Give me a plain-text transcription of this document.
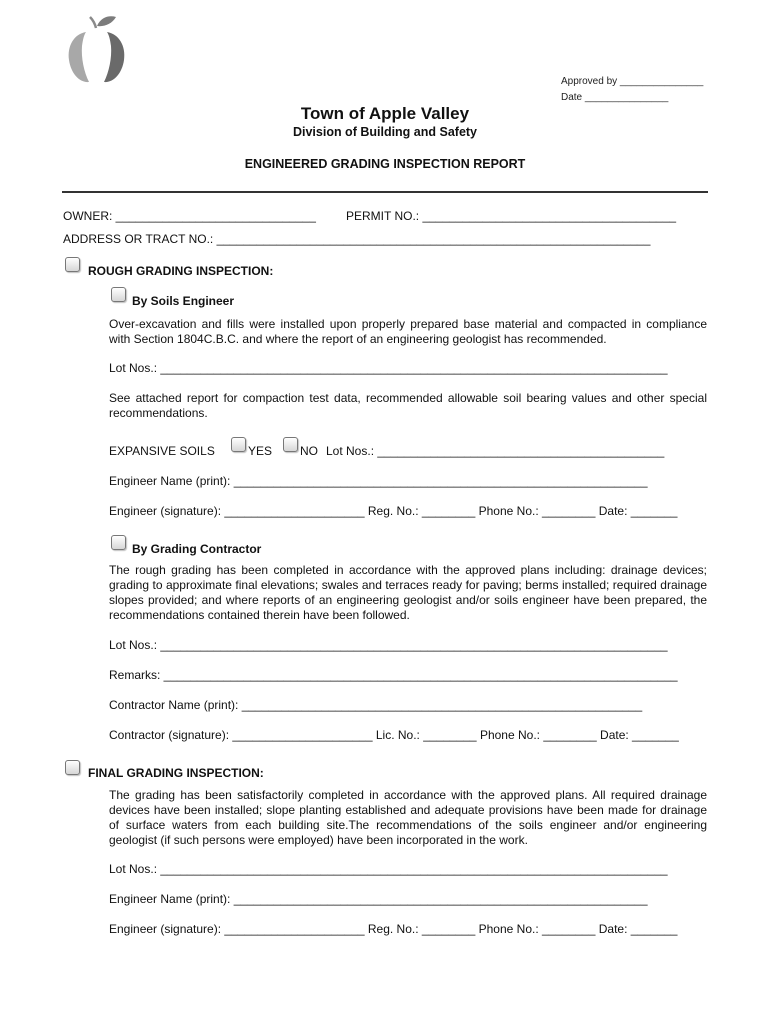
Approved by _______________
Date _______________
Town of Apple Valley
Division of Building and Safety
ENGINEERED GRADING INSPECTION REPORT
OWNER: ______________________________	PERMIT NO.: ______________________________________
ADDRESS OR TRACT NO.: _________________________________________________________________
ROUGH GRADING INSPECTION:
By Soils Engineer
Over-excavation and fills were installed upon properly prepared base material and compacted in compliance with Section 1804C.B.C. and where the report of an engineering geologist has recommended.
Lot Nos.: ____________________________________________________________________________
See attached report for compaction test data, recommended allowable soil bearing values and other special recommendations.
EXPANSIVE SOILS	YES NO Lot Nos.: ___________________________________________
Engineer Name (print): ______________________________________________________________
Engineer (signature): _____________________ Reg. No.: ________ Phone No.: ________ Date: _______
By Grading Contractor
The rough grading has been completed in accordance with the approved plans including: drainage devices; grading to approximate final elevations; swales and terraces ready for paving; berms installed; required drainage slopes provided; and where reports of an engineering geologist and/or soils engineer have been prepared, the recommendations contained therein have been followed.
Lot Nos.: ____________________________________________________________________________
Remarks: _____________________________________________________________________________
Contractor Name (print): ____________________________________________________________
Contractor (signature): _____________________ Lic. No.: ________ Phone No.: ________ Date: _______
FINAL GRADING INSPECTION:
The grading has been satisfactorily completed in accordance with the approved plans. All required drainage devices have been installed; slope planting established and adequate provisions have been made for drainage of surface waters from each building site.The recommendations of the soils engineer and/or engineering geologist (if such persons were employed) have been incorporated in the work.
Lot Nos.: ____________________________________________________________________________
Engineer Name (print): ______________________________________________________________
Engineer (signature): _____________________ Reg. No.: ________ Phone No.: ________ Date: _______
